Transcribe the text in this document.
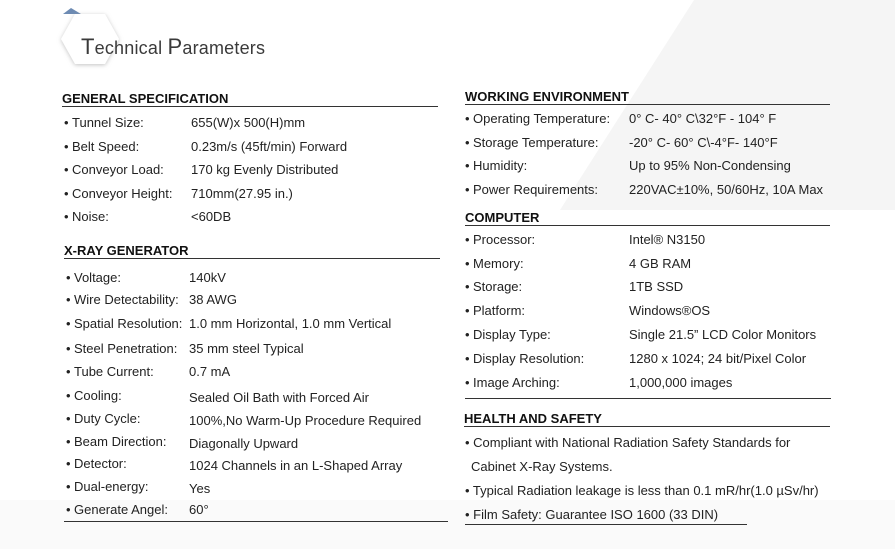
Technical Parameters
GENERAL SPECIFICATION
• Tunnel Size:	655(W)x 500(H)mm
• Belt Speed:	0.23m/s (45ft/min) Forward
• Conveyor Load: 170 kg Evenly Distributed
• Conveyor Height: 710mm(27.95 in.)
• Noise:	<60DB
X-RAY GENERATOR
• Voltage:	140kV
• Wire Detectability: 38 AWG
• Spatial Resolution: 1.0 mm Horizontal, 1.0 mm Vertical
• Steel Penetration: 35 mm steel Typical
• Tube Current:	0.7 mA
• Cooling:	Sealed Oil Bath with Forced Air
• Duty Cycle:	100%,No Warm-Up Procedure Required
• Beam Direction: Diagonally Upward
• Detector:	1024 Channels in an L-Shaped Array
• Dual-energy:	Yes
• Generate Angel: 60°
WORKING ENVIRONMENT
• Operating Temperature: 0° C- 40° C\32°F - 104° F
• Storage Temperature: -20° C- 60° C\-4°F- 140°F
• Humidity:	Up to 95% Non-Condensing
• Power Requirements: 220VAC±10%, 50/60Hz, 10A Max
COMPUTER
• Processor:	Intel® N3150
• Memory:	4 GB RAM
• Storage:	1TB SSD
• Platform:	Windows®OS
• Display Type:	Single 21.5” LCD Color Monitors
• Display Resolution:	1280 x 1024; 24 bit/Pixel Color
• Image Arching:	1,000,000 images
HEALTH AND SAFETY
• Compliant with National Radiation Safety Standards for
Cabinet X-Ray Systems.
• Typical Radiation leakage is less than 0.1 mR/hr(1.0 µSv/hr)
• Film Safety: Guarantee ISO 1600 (33 DIN)
